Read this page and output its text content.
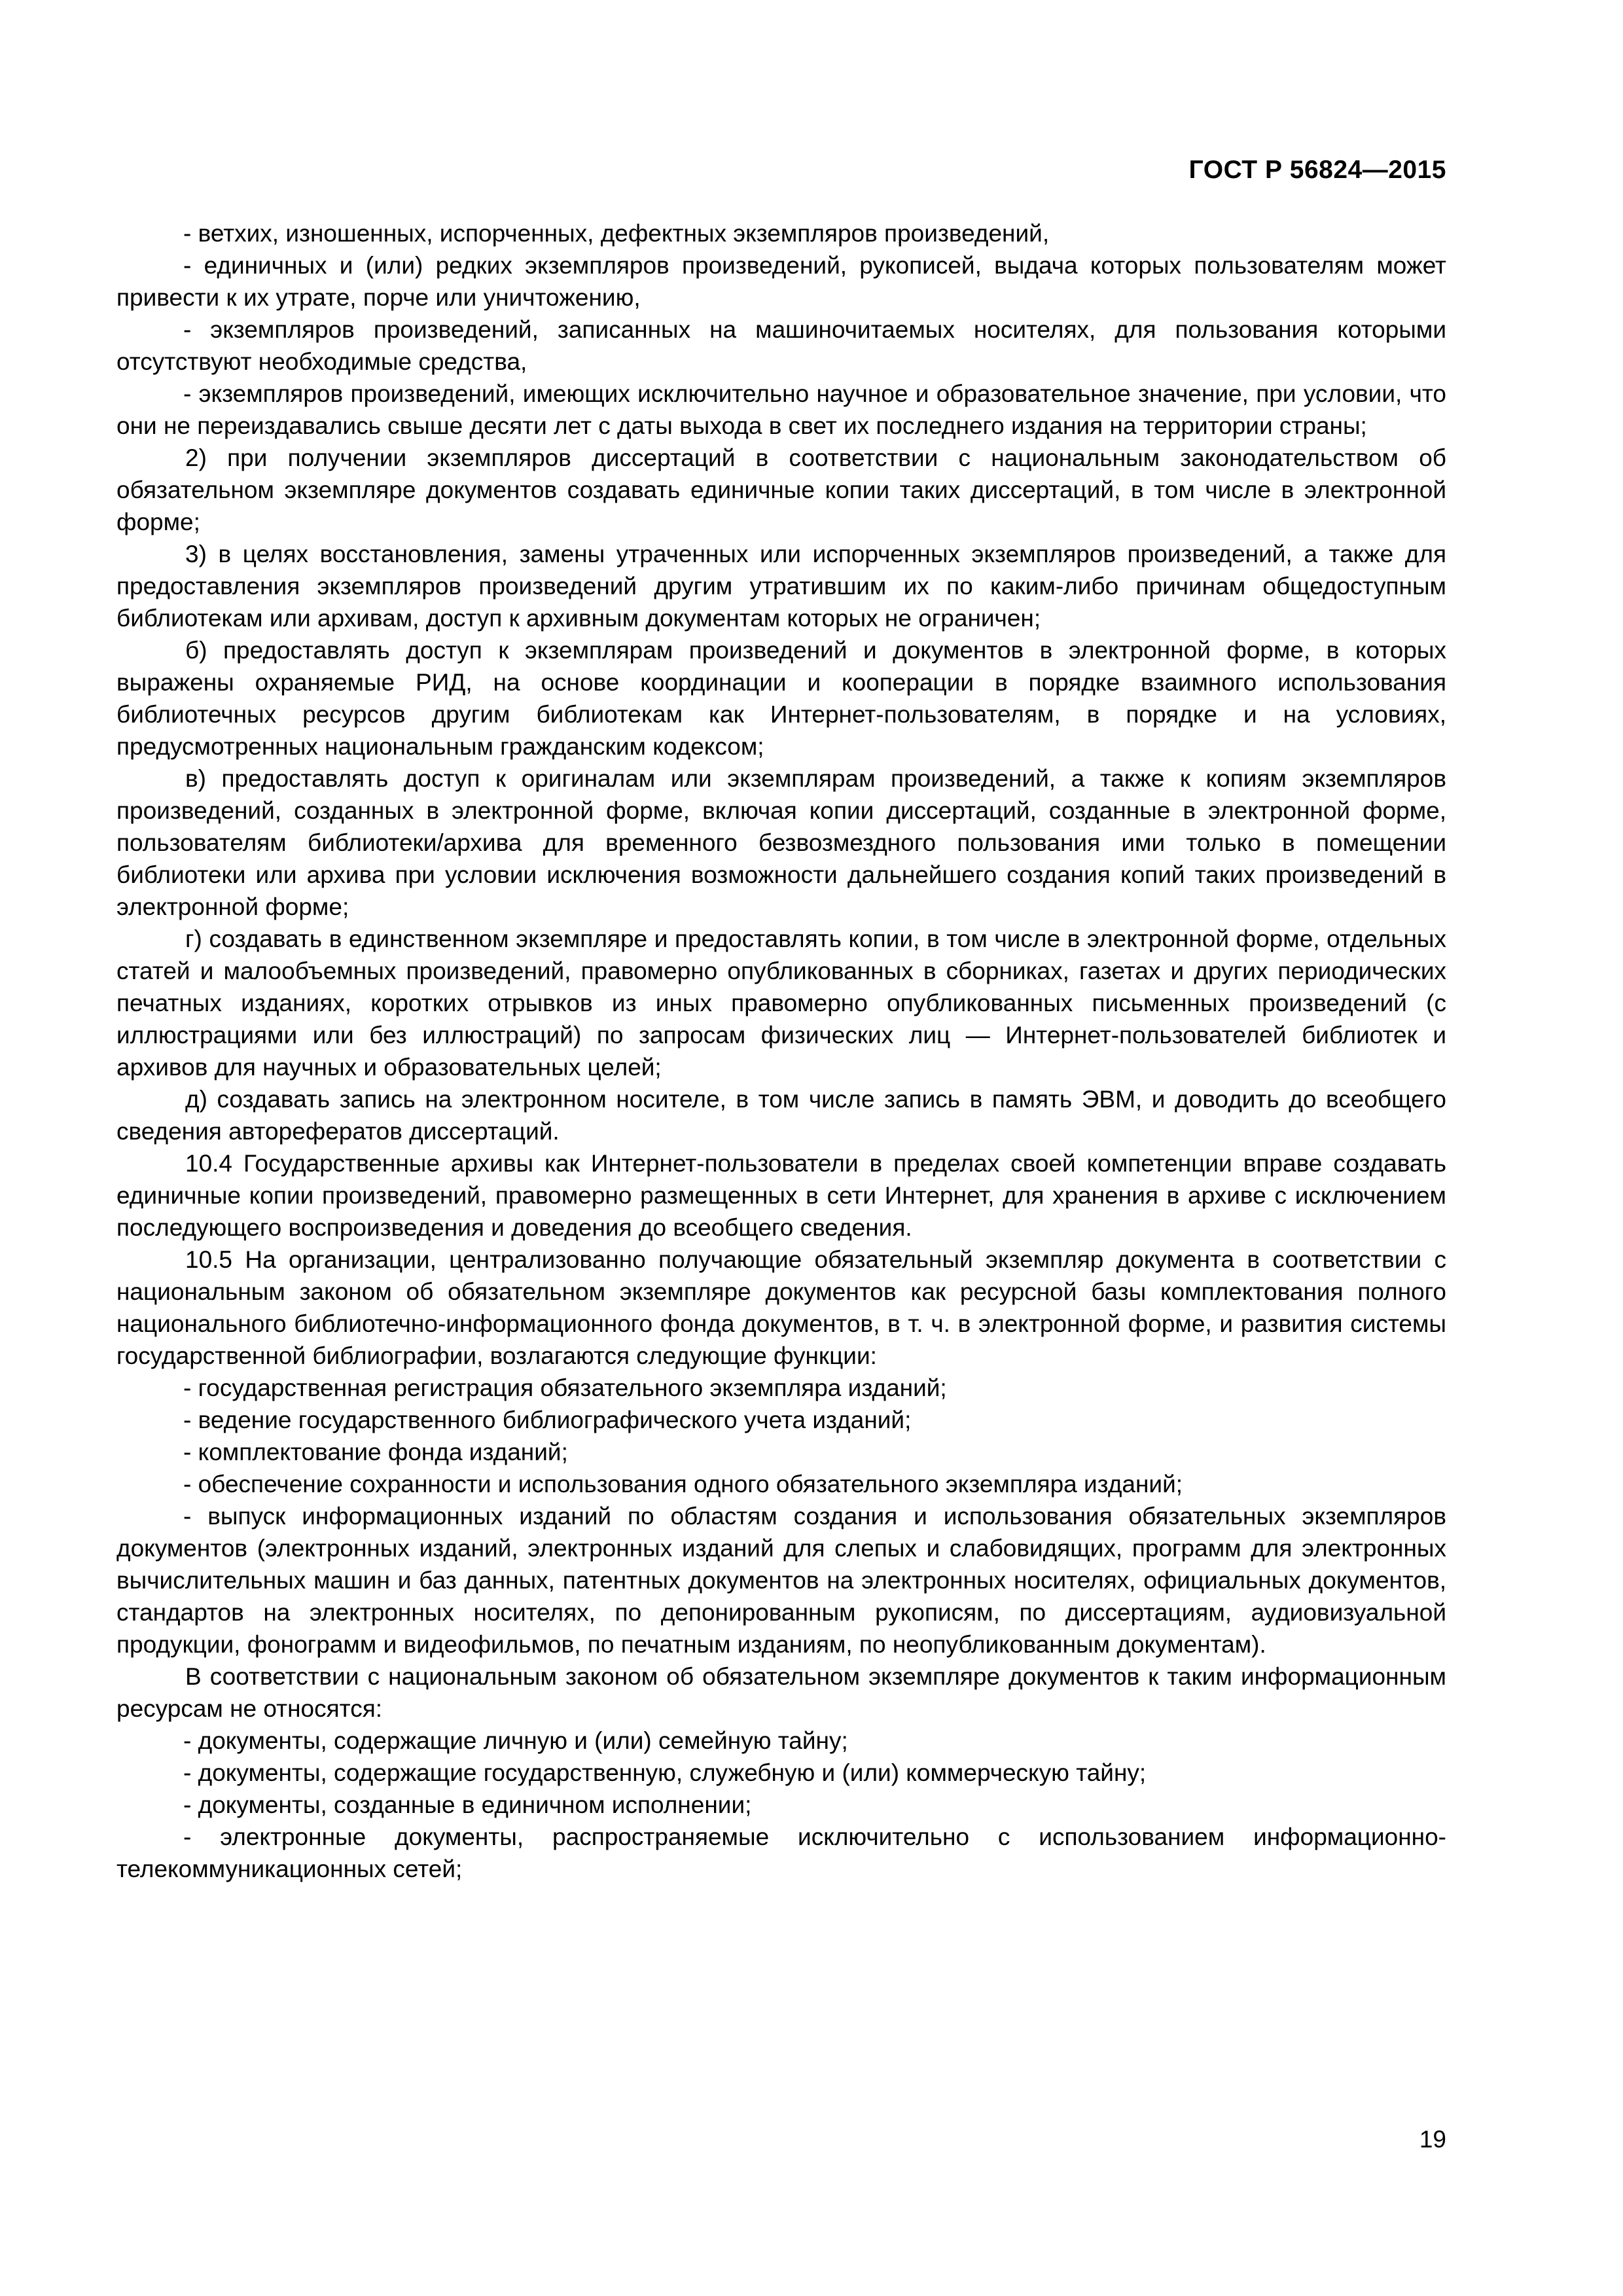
ГОСТ Р 56824—2015

- ветхих, изношенных, испорченных, дефектных экземпляров произведений,

- единичных и (или) редких экземпляров произведений, рукописей, выдача которых пользователям может привести к их утрате, порче или уничтожению,

- экземпляров произведений, записанных на машиночитаемых носителях, для пользования которыми отсутствуют необходимые средства,

- экземпляров произведений, имеющих исключительно научное и образовательное значение, при условии, что они не переиздавались свыше десяти лет с даты выхода в свет их последнего издания на территории страны;

2) при получении экземпляров диссертаций в соответствии с национальным законодательством об обязательном экземпляре документов создавать единичные копии таких диссертаций, в том числе в электронной форме;

3) в целях восстановления, замены утраченных или испорченных экземпляров произведений, а также для предоставления экземпляров произведений другим утратившим их по каким-либо причинам общедоступным библиотекам или архивам, доступ к архивным документам которых не ограничен;

б) предоставлять доступ к экземплярам произведений и документов в электронной форме, в которых выражены охраняемые РИД, на основе координации и кооперации в порядке взаимного использования библиотечных ресурсов другим библиотекам как Интернет-пользователям, в порядке и на условиях, предусмотренных национальным гражданским кодексом;

в) предоставлять доступ к оригиналам или экземплярам произведений, а также к копиям экземпляров произведений, созданных в электронной форме, включая копии диссертаций, созданные в электронной форме, пользователям библиотеки/архива для временного безвозмездного пользования ими только в помещении библиотеки или архива при условии исключения возможности дальнейшего создания копий таких произведений в электронной форме;

г) создавать в единственном экземпляре и предоставлять копии, в том числе в электронной форме, отдельных статей и малообъемных произведений, правомерно опубликованных в сборниках, газетах и других периодических печатных изданиях, коротких отрывков из иных правомерно опубликованных письменных произведений (с иллюстрациями или без иллюстраций) по запросам физических лиц — Интернет-пользователей библиотек и архивов для научных и образовательных целей;

д) создавать запись на электронном носителе, в том числе запись в память ЭВМ, и доводить до всеобщего сведения авторефератов диссертаций.

10.4 Государственные архивы как Интернет-пользователи в пределах своей компетенции вправе создавать единичные копии произведений, правомерно размещенных в сети Интернет, для хранения в архиве с исключением последующего воспроизведения и доведения до всеобщего сведения.

10.5 На организации, централизованно получающие обязательный экземпляр документа в соответствии с национальным законом об обязательном экземпляре документов как ресурсной базы комплектования полного национального библиотечно-информационного фонда документов, в т. ч. в электронной форме, и развития системы государственной библиографии, возлагаются следующие функции:

- государственная регистрация обязательного экземпляра изданий;

- ведение государственного библиографического учета изданий;

- комплектование фонда изданий;

- обеспечение сохранности и использования одного обязательного экземпляра изданий;

- выпуск информационных изданий по областям создания и использования обязательных экземпляров документов (электронных изданий, электронных изданий для слепых и слабовидящих, программ для электронных вычислительных машин и баз данных, патентных документов на электронных носителях, официальных документов, стандартов на электронных носителях, по депонированным рукописям, по диссертациям, аудиовизуальной продукции, фонограмм и видеофильмов, по печатным изданиям, по неопубликованным документам).

В соответствии с национальным законом об обязательном экземпляре документов к таким информационным ресурсам не относятся:

- документы, содержащие личную и (или) семейную тайну;

- документы, содержащие государственную, служебную и (или) коммерческую тайну;

- документы, созданные в единичном исполнении;

- электронные документы, распространяемые исключительно с использованием информационно-телекоммуникационных сетей;

19
